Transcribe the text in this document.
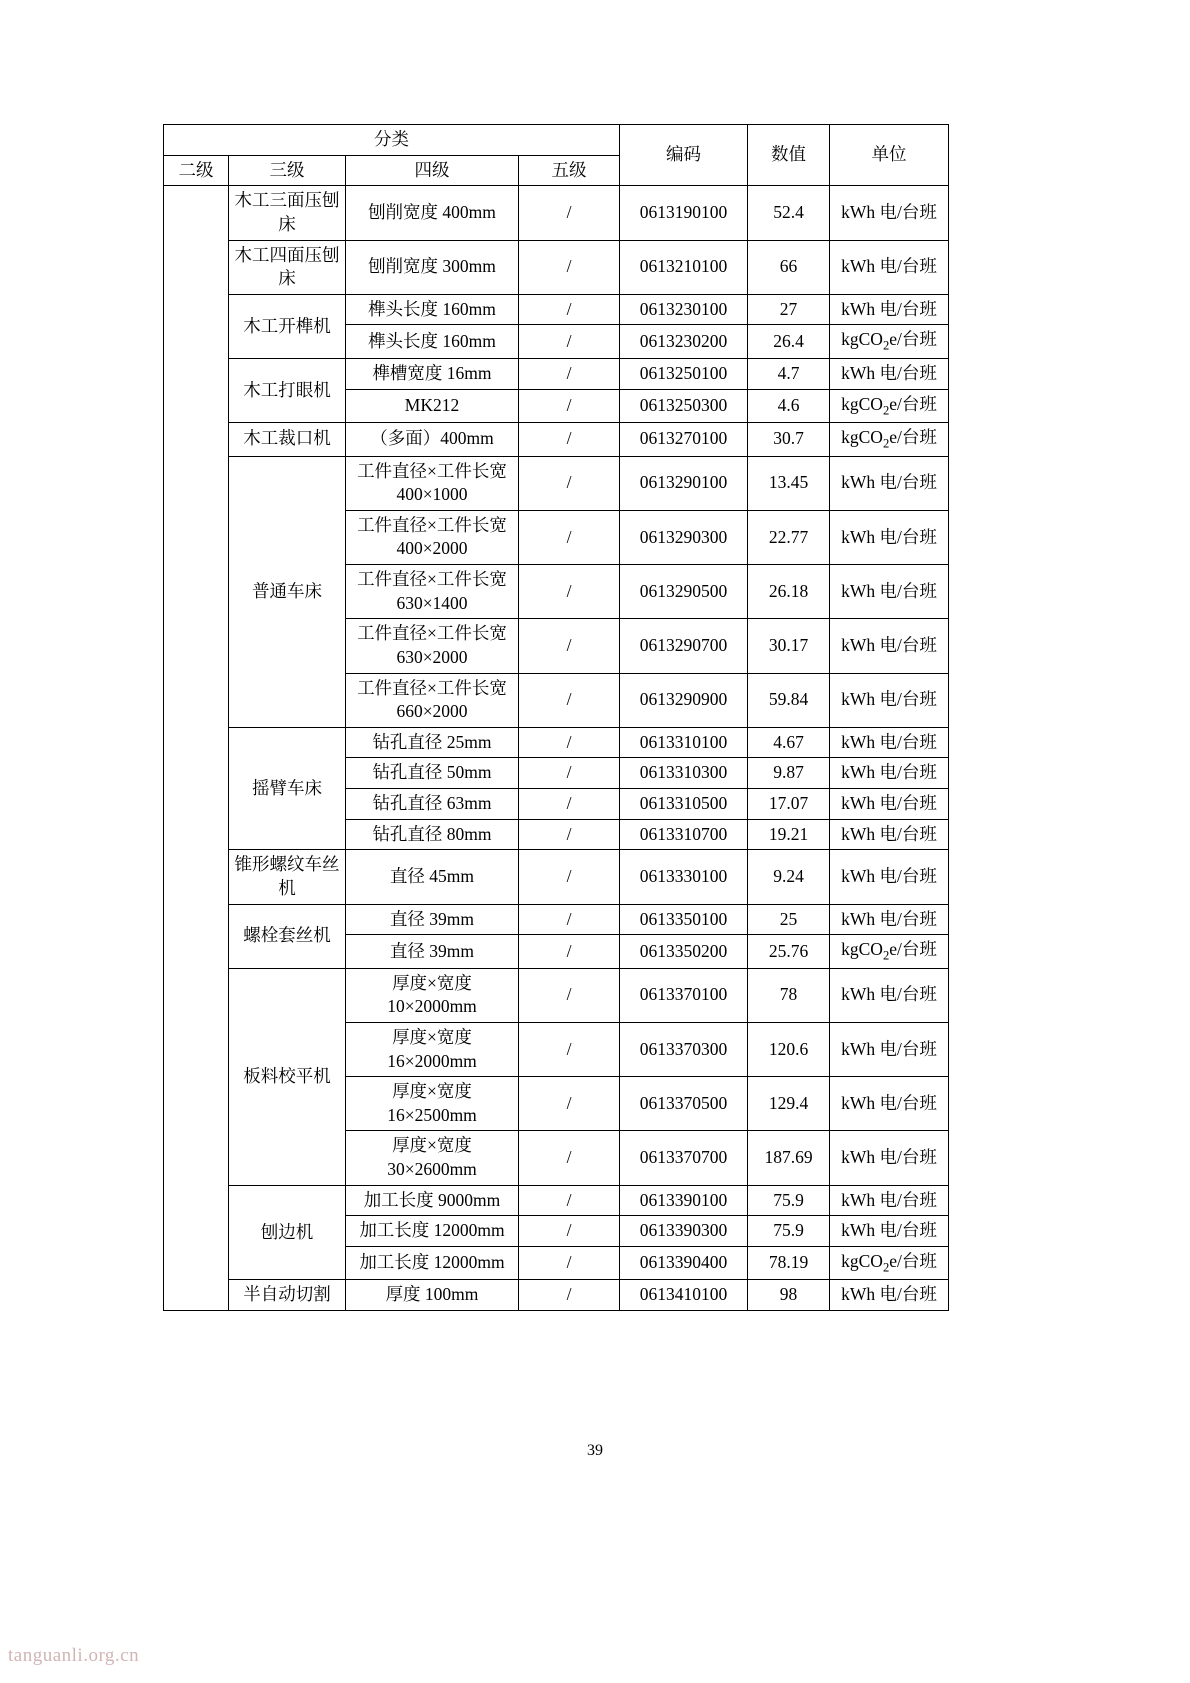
分类				编码	数值	单位
二级	三级	四级	五级			
	木工三面压刨床	刨削宽度 400mm	/	0613190100	52.4	kWh 电/台班
	木工四面压刨床	刨削宽度 300mm	/	0613210100	66	kWh 电/台班
	木工开榫机	榫头长度 160mm	/	0613230100	27	kWh 电/台班
		榫头长度 160mm	/	0613230200	26.4	kgCO$_2$e/台班
	木工打眼机	榫槽宽度 16mm	/	0613250100	4.7	kWh 电/台班
		MK212	/	0613250300	4.6	kgCO$_2$e/台班
	木工裁口机	（多面）400mm	/	0613270100	30.7	kgCO$_2$e/台班
	普通车床	工件直径×工件长宽 400×1000	/	0613290100	13.45	kWh 电/台班
		工件直径×工件长宽 400×2000	/	0613290300	22.77	kWh 电/台班
		工件直径×工件长宽 630×1400	/	0613290500	26.18	kWh 电/台班
		工件直径×工件长宽 630×2000	/	0613290700	30.17	kWh 电/台班
		工件直径×工件长宽 660×2000	/	0613290900	59.84	kWh 电/台班
	摇臂车床	钻孔直径 25mm	/	0613310100	4.67	kWh 电/台班
		钻孔直径 50mm	/	0613310300	9.87	kWh 电/台班
		钻孔直径 63mm	/	0613310500	17.07	kWh 电/台班
		钻孔直径 80mm	/	0613310700	19.21	kWh 电/台班
	锥形螺纹车丝机	直径 45mm	/	0613330100	9.24	kWh 电/台班
	螺栓套丝机	直径 39mm	/	0613350100	25	kWh 电/台班
		直径 39mm	/	0613350200	25.76	kgCO$_2$e/台班
	板料校平机	厚度×宽度 10×2000mm	/	0613370100	78	kWh 电/台班
		厚度×宽度 16×2000mm	/	0613370300	120.6	kWh 电/台班
		厚度×宽度 16×2500mm	/	0613370500	129.4	kWh 电/台班
		厚度×宽度 30×2600mm	/	0613370700	187.69	kWh 电/台班
	刨边机	加工长度 9000mm	/	0613390100	75.9	kWh 电/台班
		加工长度 12000mm	/	0613390300	75.9	kWh 电/台班
		加工长度 12000mm	/	0613390400	78.19	kgCO$_2$e/台班
	半自动切割	厚度 100mm	/	0613410100	98	kWh 电/台班
39
tanguanli.org.cn
